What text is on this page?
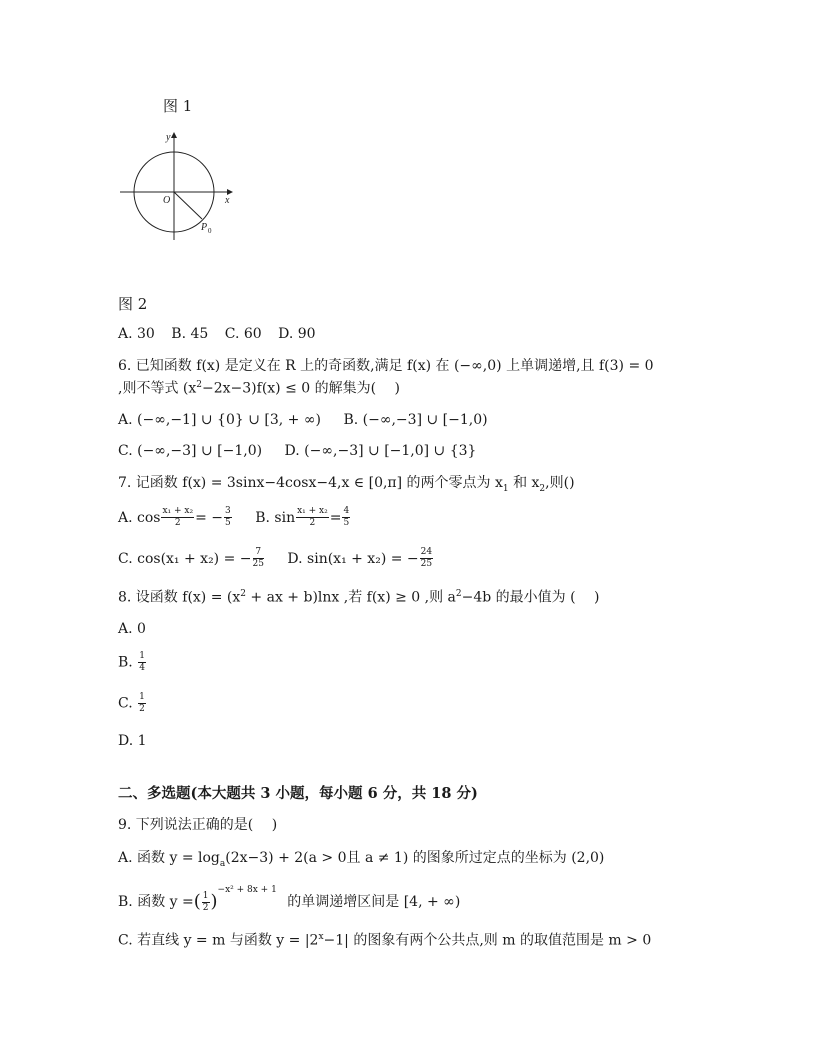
图 1
x
y
O
P 0
图 2
A. 30 B. 45 C. 60 D. 90
6. 已知函数 f(x) 是定义在 R 上的奇函数,满足 f(x) 在 (−∞,0) 上单调递增,且 f(3) = 0
,则不等式 $(x^2-2x-3)f(x) \le 0$ 的解集为(　 )
A. (−∞,−1] ∪ {0} ∪ [3, + ∞) B. (−∞,−3] ∪ [−1,0)
C. (−∞,−3] ∪ [−1,0) D. (−∞,−3] ∪ [−1,0] ∪ {3}
7. 记函数 f(x) = 3sinx−4cosx−4,x ∈ [0,π] 的两个零点为 $x_1$ 和 $x_2$,则()
A. $\cos \frac{\text{x₁ + x₂}}{2}$ = − $\frac{3}{5} B$. $\sin \frac{\text{x₁ + x₂}}{2} = \frac{4}{5}$
C. cos(x₁ + x₂) = − $\frac{7}{25} D$. sin(x₁ + x₂) = − $\frac{24}{25}$
8. 设函数 $f(x) = (x^2$ + ax + b)lnx ,若 f(x) ≥ 0 ,则 $a^2-4b$ 的最小值为 (　 )
A. 0
B. $\frac{1}{4}$
C. $\frac{1}{2}$
D. 1
二、多选题(本大题共 3 小题，每小题 6 分，共 18 分)
9. 下列说法正确的是(　 )
A. 函数 $y = \log_a(2x-3) + 2(a > 0$且 a ≠ 1) 的图象所过定点的坐标为 (2,0)
B. 函数 y =( $\frac{1}{2} )^{-x^2 + 8x + 1}$ 的单调递增区间是 [4, + ∞)
C. 若直线 y = m 与函数 $y = |2^x-1|$ 的图象有两个公共点,则 m 的取值范围是 m > 0
